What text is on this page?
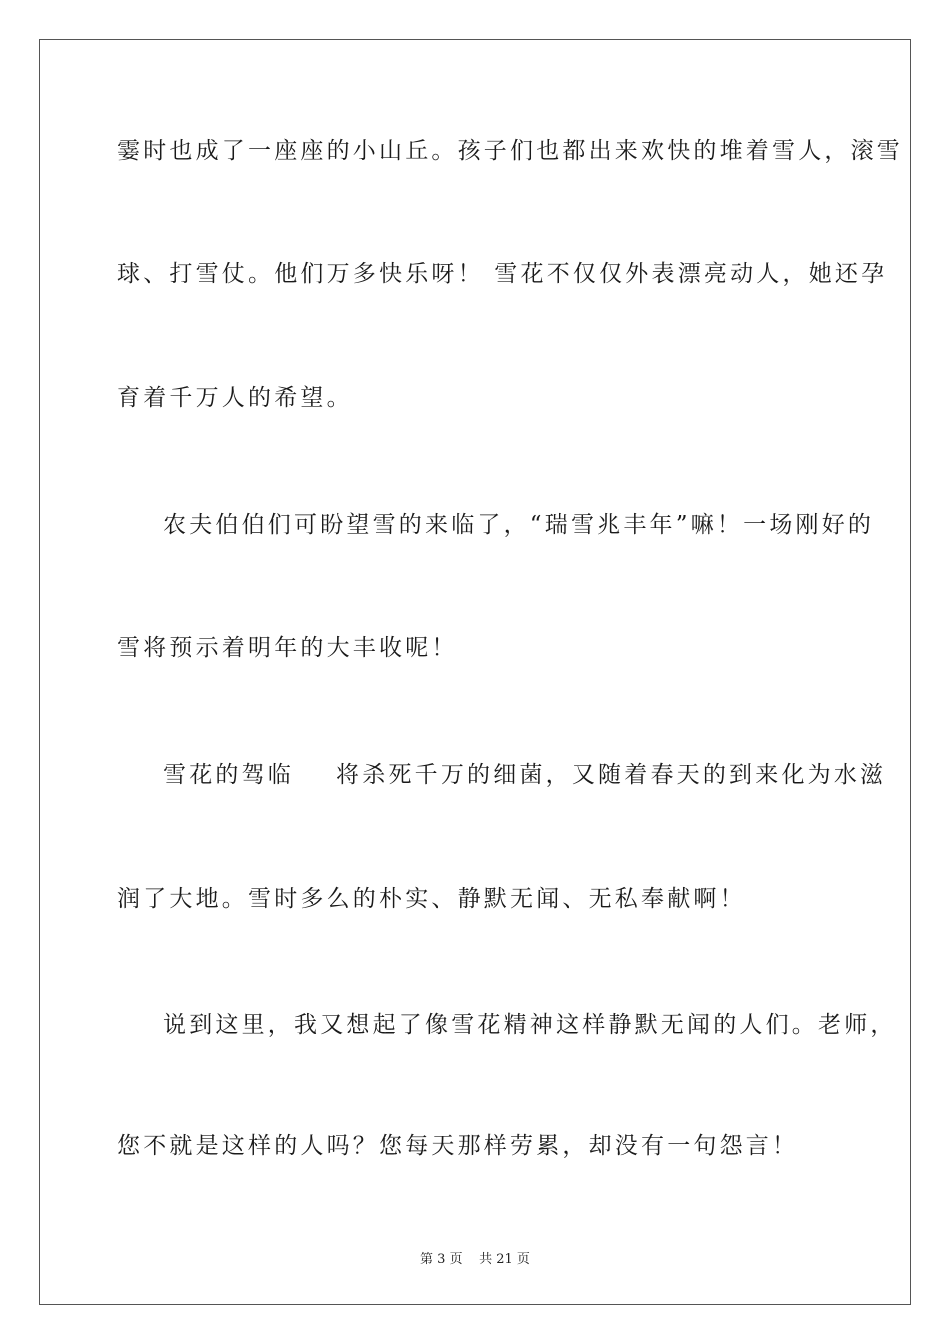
霎时也成了一座座的小山丘。孩子们也都出来欢快的堆着雪人，滚雪
球、打雪仗。他们万多快乐呀！ 雪花不仅仅外表漂亮动人，她还孕
育着千万人的希望。
农夫伯伯们可盼望雪的来临了，“瑞雪兆丰年”嘛！一场刚好的
雪将预示着明年的大丰收呢！
雪花的驾临    将杀死千万的细菌，又随着春天的到来化为水滋
润了大地。雪时多么的朴实、静默无闻、无私奉献啊！
说到这里，我又想起了像雪花精神这样静默无闻的人们。老师，
您不就是这样的人吗？您每天那样劳累，却没有一句怨言！
第 3 页 共 21 页
